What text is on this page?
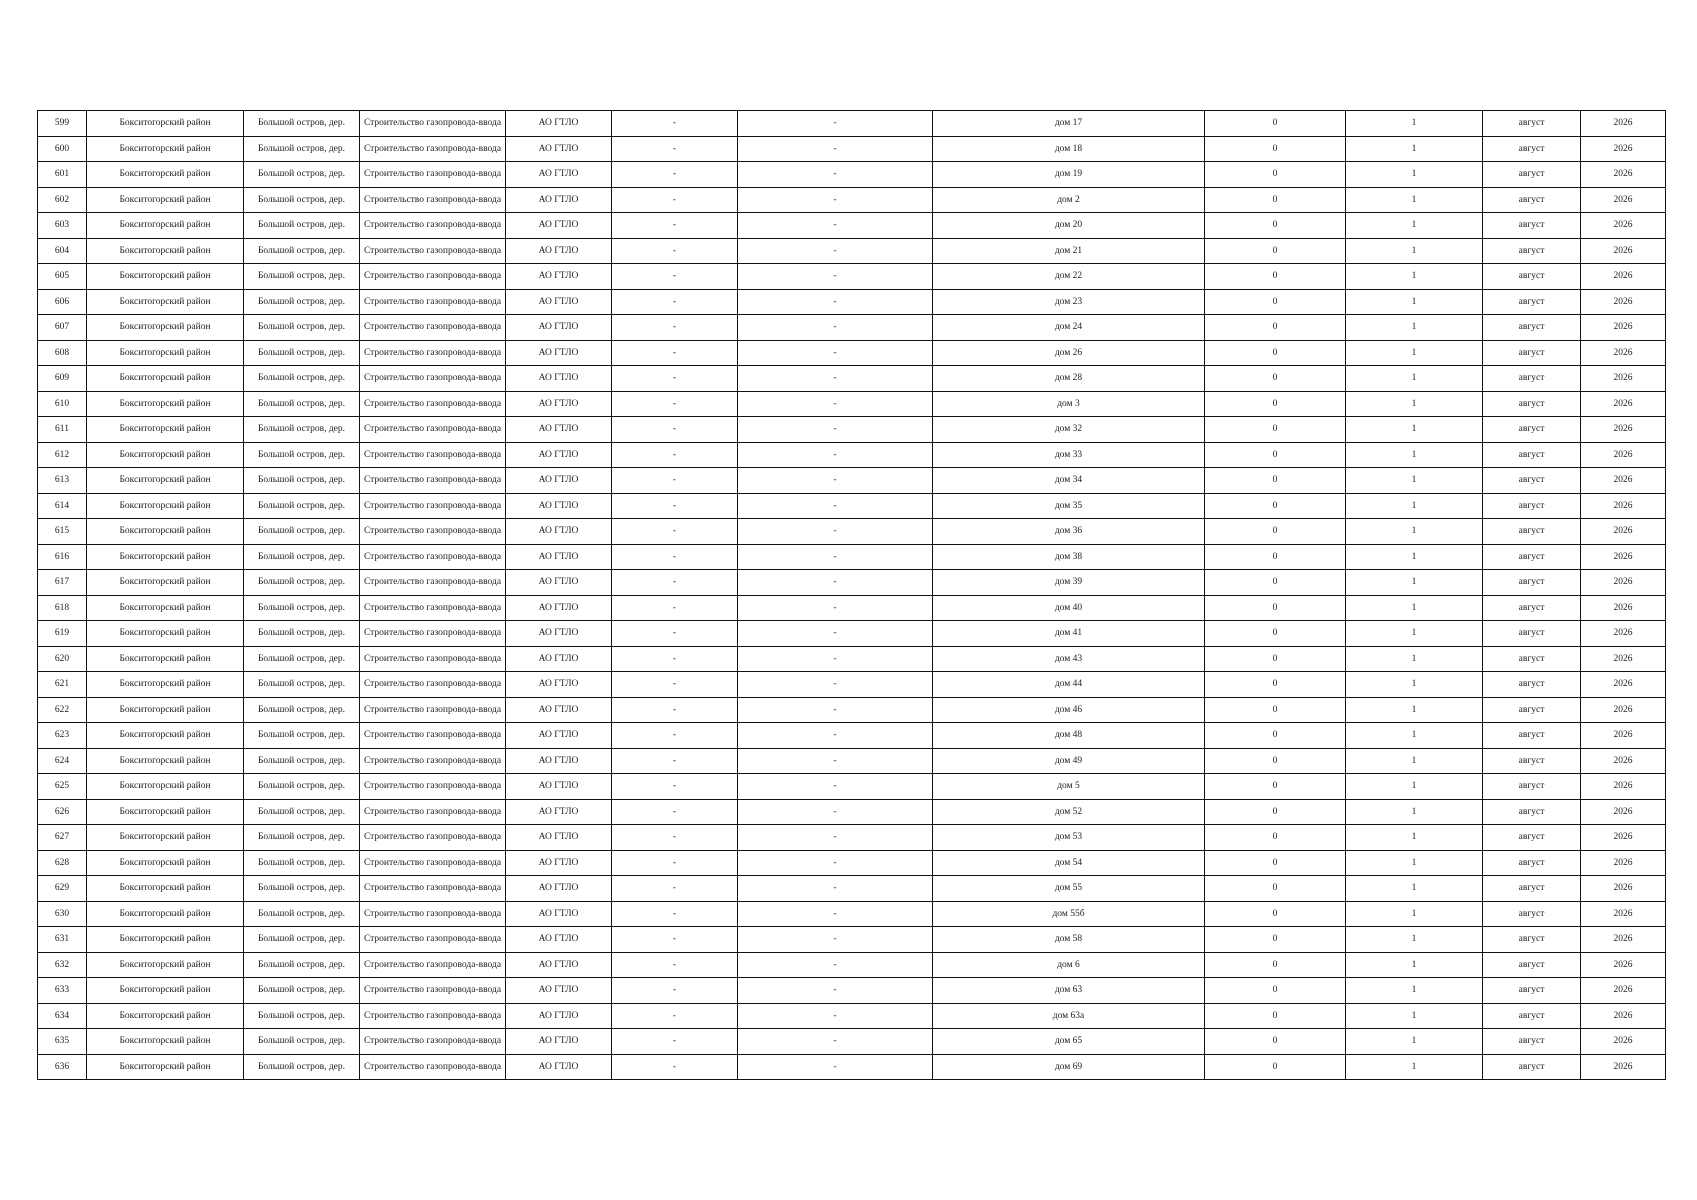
599	Бокситогорский район	Большой остров, дер.	Строительство газопровода-ввода	АО ГТЛО	-	-	дом 17	0	1	август	2026
600	Бокситогорский район	Большой остров, дер.	Строительство газопровода-ввода	АО ГТЛО	-	-	дом 18	0	1	август	2026
601	Бокситогорский район	Большой остров, дер.	Строительство газопровода-ввода	АО ГТЛО	-	-	дом 19	0	1	август	2026
602	Бокситогорский район	Большой остров, дер.	Строительство газопровода-ввода	АО ГТЛО	-	-	дом 2	0	1	август	2026
603	Бокситогорский район	Большой остров, дер.	Строительство газопровода-ввода	АО ГТЛО	-	-	дом 20	0	1	август	2026
604	Бокситогорский район	Большой остров, дер.	Строительство газопровода-ввода	АО ГТЛО	-	-	дом 21	0	1	август	2026
605	Бокситогорский район	Большой остров, дер.	Строительство газопровода-ввода	АО ГТЛО	-	-	дом 22	0	1	август	2026
606	Бокситогорский район	Большой остров, дер.	Строительство газопровода-ввода	АО ГТЛО	-	-	дом 23	0	1	август	2026
607	Бокситогорский район	Большой остров, дер.	Строительство газопровода-ввода	АО ГТЛО	-	-	дом 24	0	1	август	2026
608	Бокситогорский район	Большой остров, дер.	Строительство газопровода-ввода	АО ГТЛО	-	-	дом 26	0	1	август	2026
609	Бокситогорский район	Большой остров, дер.	Строительство газопровода-ввода	АО ГТЛО	-	-	дом 28	0	1	август	2026
610	Бокситогорский район	Большой остров, дер.	Строительство газопровода-ввода	АО ГТЛО	-	-	дом 3	0	1	август	2026
611	Бокситогорский район	Большой остров, дер.	Строительство газопровода-ввода	АО ГТЛО	-	-	дом 32	0	1	август	2026
612	Бокситогорский район	Большой остров, дер.	Строительство газопровода-ввода	АО ГТЛО	-	-	дом 33	0	1	август	2026
613	Бокситогорский район	Большой остров, дер.	Строительство газопровода-ввода	АО ГТЛО	-	-	дом 34	0	1	август	2026
614	Бокситогорский район	Большой остров, дер.	Строительство газопровода-ввода	АО ГТЛО	-	-	дом 35	0	1	август	2026
615	Бокситогорский район	Большой остров, дер.	Строительство газопровода-ввода	АО ГТЛО	-	-	дом 36	0	1	август	2026
616	Бокситогорский район	Большой остров, дер.	Строительство газопровода-ввода	АО ГТЛО	-	-	дом 38	0	1	август	2026
617	Бокситогорский район	Большой остров, дер.	Строительство газопровода-ввода	АО ГТЛО	-	-	дом 39	0	1	август	2026
618	Бокситогорский район	Большой остров, дер.	Строительство газопровода-ввода	АО ГТЛО	-	-	дом 40	0	1	август	2026
619	Бокситогорский район	Большой остров, дер.	Строительство газопровода-ввода	АО ГТЛО	-	-	дом 41	0	1	август	2026
620	Бокситогорский район	Большой остров, дер.	Строительство газопровода-ввода	АО ГТЛО	-	-	дом 43	0	1	август	2026
621	Бокситогорский район	Большой остров, дер.	Строительство газопровода-ввода	АО ГТЛО	-	-	дом 44	0	1	август	2026
622	Бокситогорский район	Большой остров, дер.	Строительство газопровода-ввода	АО ГТЛО	-	-	дом 46	0	1	август	2026
623	Бокситогорский район	Большой остров, дер.	Строительство газопровода-ввода	АО ГТЛО	-	-	дом 48	0	1	август	2026
624	Бокситогорский район	Большой остров, дер.	Строительство газопровода-ввода	АО ГТЛО	-	-	дом 49	0	1	август	2026
625	Бокситогорский район	Большой остров, дер.	Строительство газопровода-ввода	АО ГТЛО	-	-	дом 5	0	1	август	2026
626	Бокситогорский район	Большой остров, дер.	Строительство газопровода-ввода	АО ГТЛО	-	-	дом 52	0	1	август	2026
627	Бокситогорский район	Большой остров, дер.	Строительство газопровода-ввода	АО ГТЛО	-	-	дом 53	0	1	август	2026
628	Бокситогорский район	Большой остров, дер.	Строительство газопровода-ввода	АО ГТЛО	-	-	дом 54	0	1	август	2026
629	Бокситогорский район	Большой остров, дер.	Строительство газопровода-ввода	АО ГТЛО	-	-	дом 55	0	1	август	2026
630	Бокситогорский район	Большой остров, дер.	Строительство газопровода-ввода	АО ГТЛО	-	-	дом 55б	0	1	август	2026
631	Бокситогорский район	Большой остров, дер.	Строительство газопровода-ввода	АО ГТЛО	-	-	дом 58	0	1	август	2026
632	Бокситогорский район	Большой остров, дер.	Строительство газопровода-ввода	АО ГТЛО	-	-	дом 6	0	1	август	2026
633	Бокситогорский район	Большой остров, дер.	Строительство газопровода-ввода	АО ГТЛО	-	-	дом 63	0	1	август	2026
634	Бокситогорский район	Большой остров, дер.	Строительство газопровода-ввода	АО ГТЛО	-	-	дом 63а	0	1	август	2026
635	Бокситогорский район	Большой остров, дер.	Строительство газопровода-ввода	АО ГТЛО	-	-	дом 65	0	1	август	2026
636	Бокситогорский район	Большой остров, дер.	Строительство газопровода-ввода	АО ГТЛО	-	-	дом 69	0	1	август	2026
